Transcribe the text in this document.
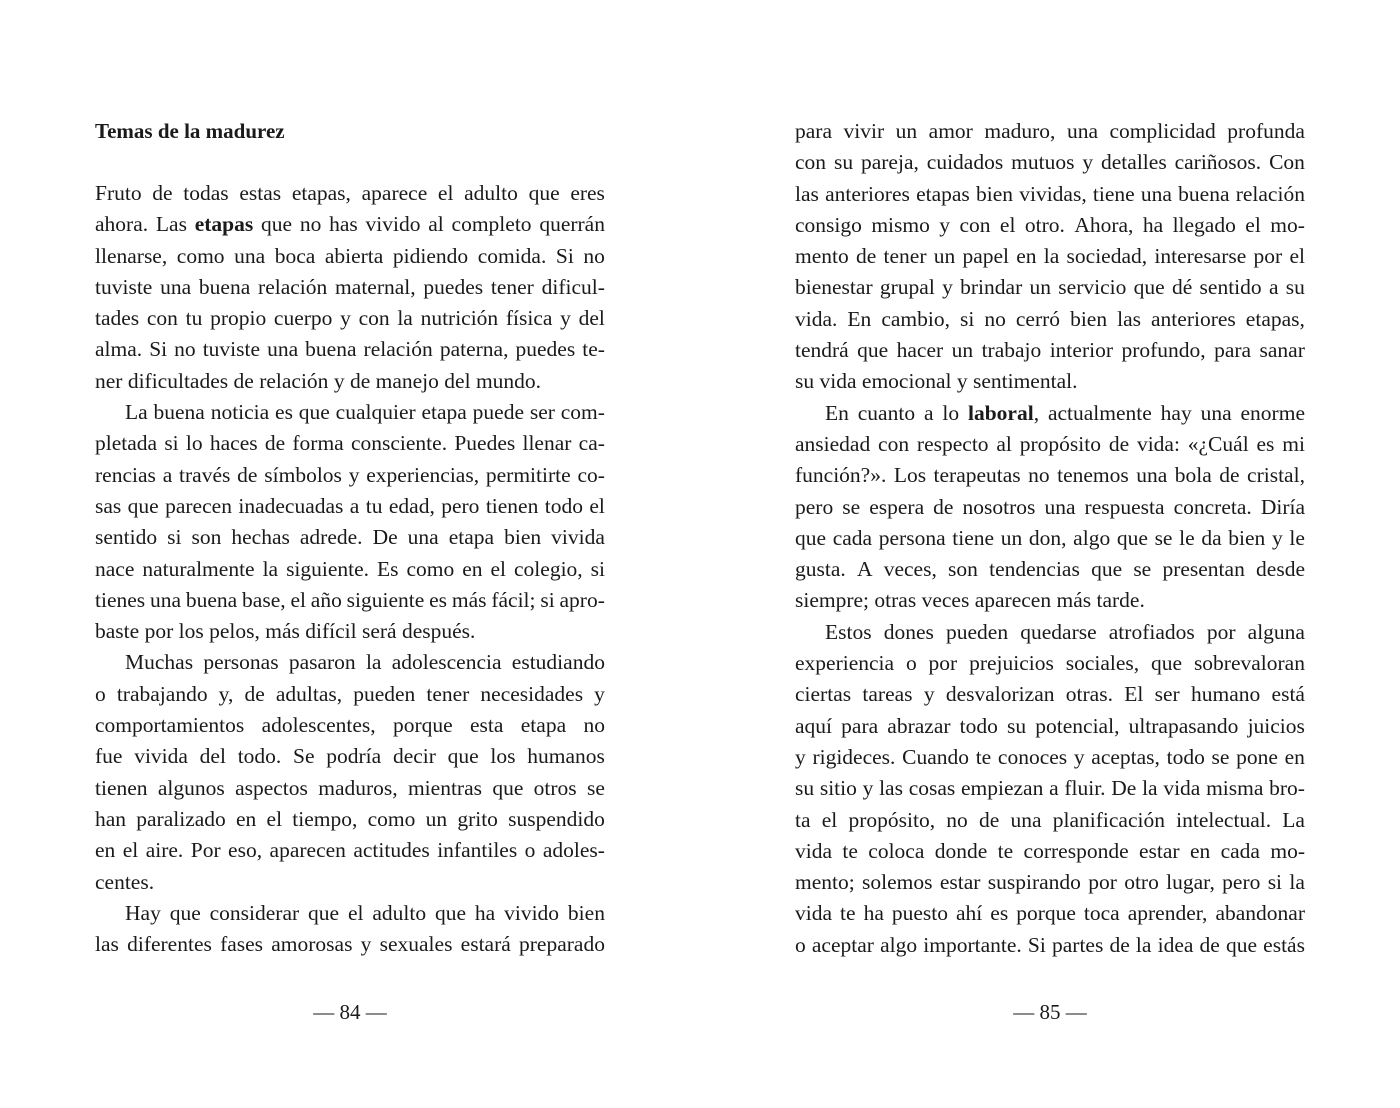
Temas de la madurez
Fruto de todas estas etapas, aparece el adulto que eres
ahora. Las etapas que no has vivido al completo querrán
llenarse, como una boca abierta pidiendo comida. Si no
tuviste una buena relación maternal, puedes tener dificul-
tades con tu propio cuerpo y con la nutrición física y del
alma. Si no tuviste una buena relación paterna, puedes te-
ner dificultades de relación y de manejo del mundo.
La buena noticia es que cualquier etapa puede ser com-
pletada si lo haces de forma consciente. Puedes llenar ca-
rencias a través de símbolos y experiencias, permitirte co-
sas que parecen inadecuadas a tu edad, pero tienen todo el
sentido si son hechas adrede. De una etapa bien vivida
nace naturalmente la siguiente. Es como en el colegio, si
tienes una buena base, el año siguiente es más fácil; si apro-
baste por los pelos, más difícil será después.
Muchas personas pasaron la adolescencia estudiando
o trabajando y, de adultas, pueden tener necesidades y
comportamientos adolescentes, porque esta etapa no
fue vivida del todo. Se podría decir que los humanos
tienen algunos aspectos maduros, mientras que otros se
han paralizado en el tiempo, como un grito suspendido
en el aire. Por eso, aparecen actitudes infantiles o adoles-
centes.
Hay que considerar que el adulto que ha vivido bien
las diferentes fases amorosas y sexuales estará preparado
— 84 —
para vivir un amor maduro, una complicidad profunda
con su pareja, cuidados mutuos y detalles cariñosos. Con
las anteriores etapas bien vividas, tiene una buena relación
consigo mismo y con el otro. Ahora, ha llegado el mo-
mento de tener un papel en la sociedad, interesarse por el
bienestar grupal y brindar un servicio que dé sentido a su
vida. En cambio, si no cerró bien las anteriores etapas,
tendrá que hacer un trabajo interior profundo, para sanar
su vida emocional y sentimental.
En cuanto a lo laboral, actualmente hay una enorme
ansiedad con respecto al propósito de vida: «¿Cuál es mi
función?». Los terapeutas no tenemos una bola de cristal,
pero se espera de nosotros una respuesta concreta. Diría
que cada persona tiene un don, algo que se le da bien y le
gusta. A veces, son tendencias que se presentan desde
siempre; otras veces aparecen más tarde.
Estos dones pueden quedarse atrofiados por alguna
experiencia o por prejuicios sociales, que sobrevaloran
ciertas tareas y desvalorizan otras. El ser humano está
aquí para abrazar todo su potencial, ultrapasando juicios
y rigideces. Cuando te conoces y aceptas, todo se pone en
su sitio y las cosas empiezan a fluir. De la vida misma bro-
ta el propósito, no de una planificación intelectual. La
vida te coloca donde te corresponde estar en cada mo-
mento; solemos estar suspirando por otro lugar, pero si la
vida te ha puesto ahí es porque toca aprender, abandonar
o aceptar algo importante. Si partes de la idea de que estás
— 85 —
